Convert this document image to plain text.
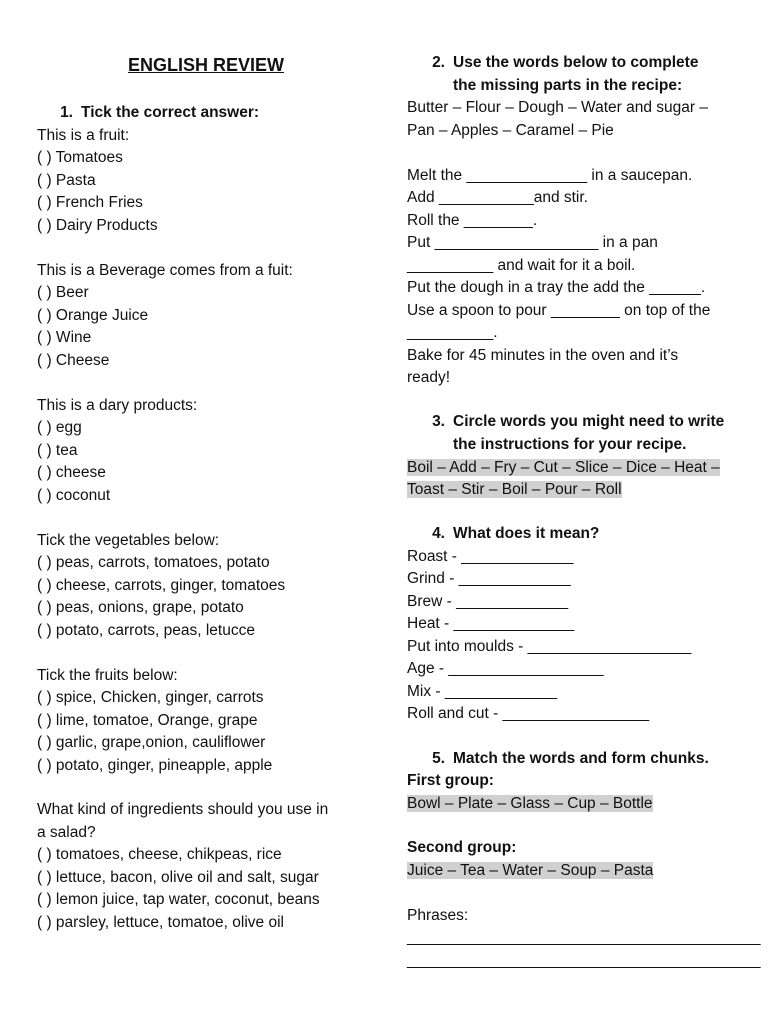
ENGLISH REVIEW
1. Tick the correct answer:
This is a fruit:
( ) Tomatoes
( ) Pasta
( ) French Fries
( ) Dairy Products
This is a Beverage comes from a fuit:
( ) Beer
( ) Orange Juice
( ) Wine
( ) Cheese
This is a dary products:
( ) egg
( ) tea
( ) cheese
( ) coconut
Tick the vegetables below:
( ) peas, carrots, tomatoes, potato
( ) cheese, carrots, ginger, tomatoes
( ) peas, onions, grape, potato
( ) potato, carrots, peas, letucce
Tick the fruits below:
( ) spice, Chicken, ginger, carrots
( ) lime, tomatoe, Orange, grape
( ) garlic, grape,onion, cauliflower
( ) potato, ginger, pineapple, apple
What kind of ingredients should you use in
a salad?
( ) tomatoes, cheese, chikpeas, rice
( ) lettuce, bacon, olive oil and salt, sugar
( ) lemon juice, tap water, coconut, beans
( ) parsley, lettuce, tomatoe, olive oil
2. Use the words below to complete
the missing parts in the recipe:
Butter – Flour – Dough – Water and sugar –
Pan – Apples – Caramel – Pie
Melt the ______________ in a saucepan.
Add ___________and stir.
Roll the ________.
Put ___________________ in a pan
__________ and wait for it a boil.
Put the dough in a tray the add the ______.
Use a spoon to pour ________ on top of the
__________.
Bake for 45 minutes in the oven and it’s
ready!
3. Circle words you might need to write
the instructions for your recipe.
Boil – Add – Fry – Cut – Slice – Dice – Heat –
Toast – Stir – Boil – Pour – Roll
4. What does it mean?
Roast - _____________
Grind - _____________
Brew - _____________
Heat - ______________
Put into moulds - ___________________
Age - __________________
Mix - _____________
Roll and cut - _________________
5. Match the words and form chunks.
First group:
Bowl – Plate – Glass – Cup – Bottle
Second group:
Juice – Tea – Water – Soup – Pasta
Phrases:
_________________________________________
_________________________________________
